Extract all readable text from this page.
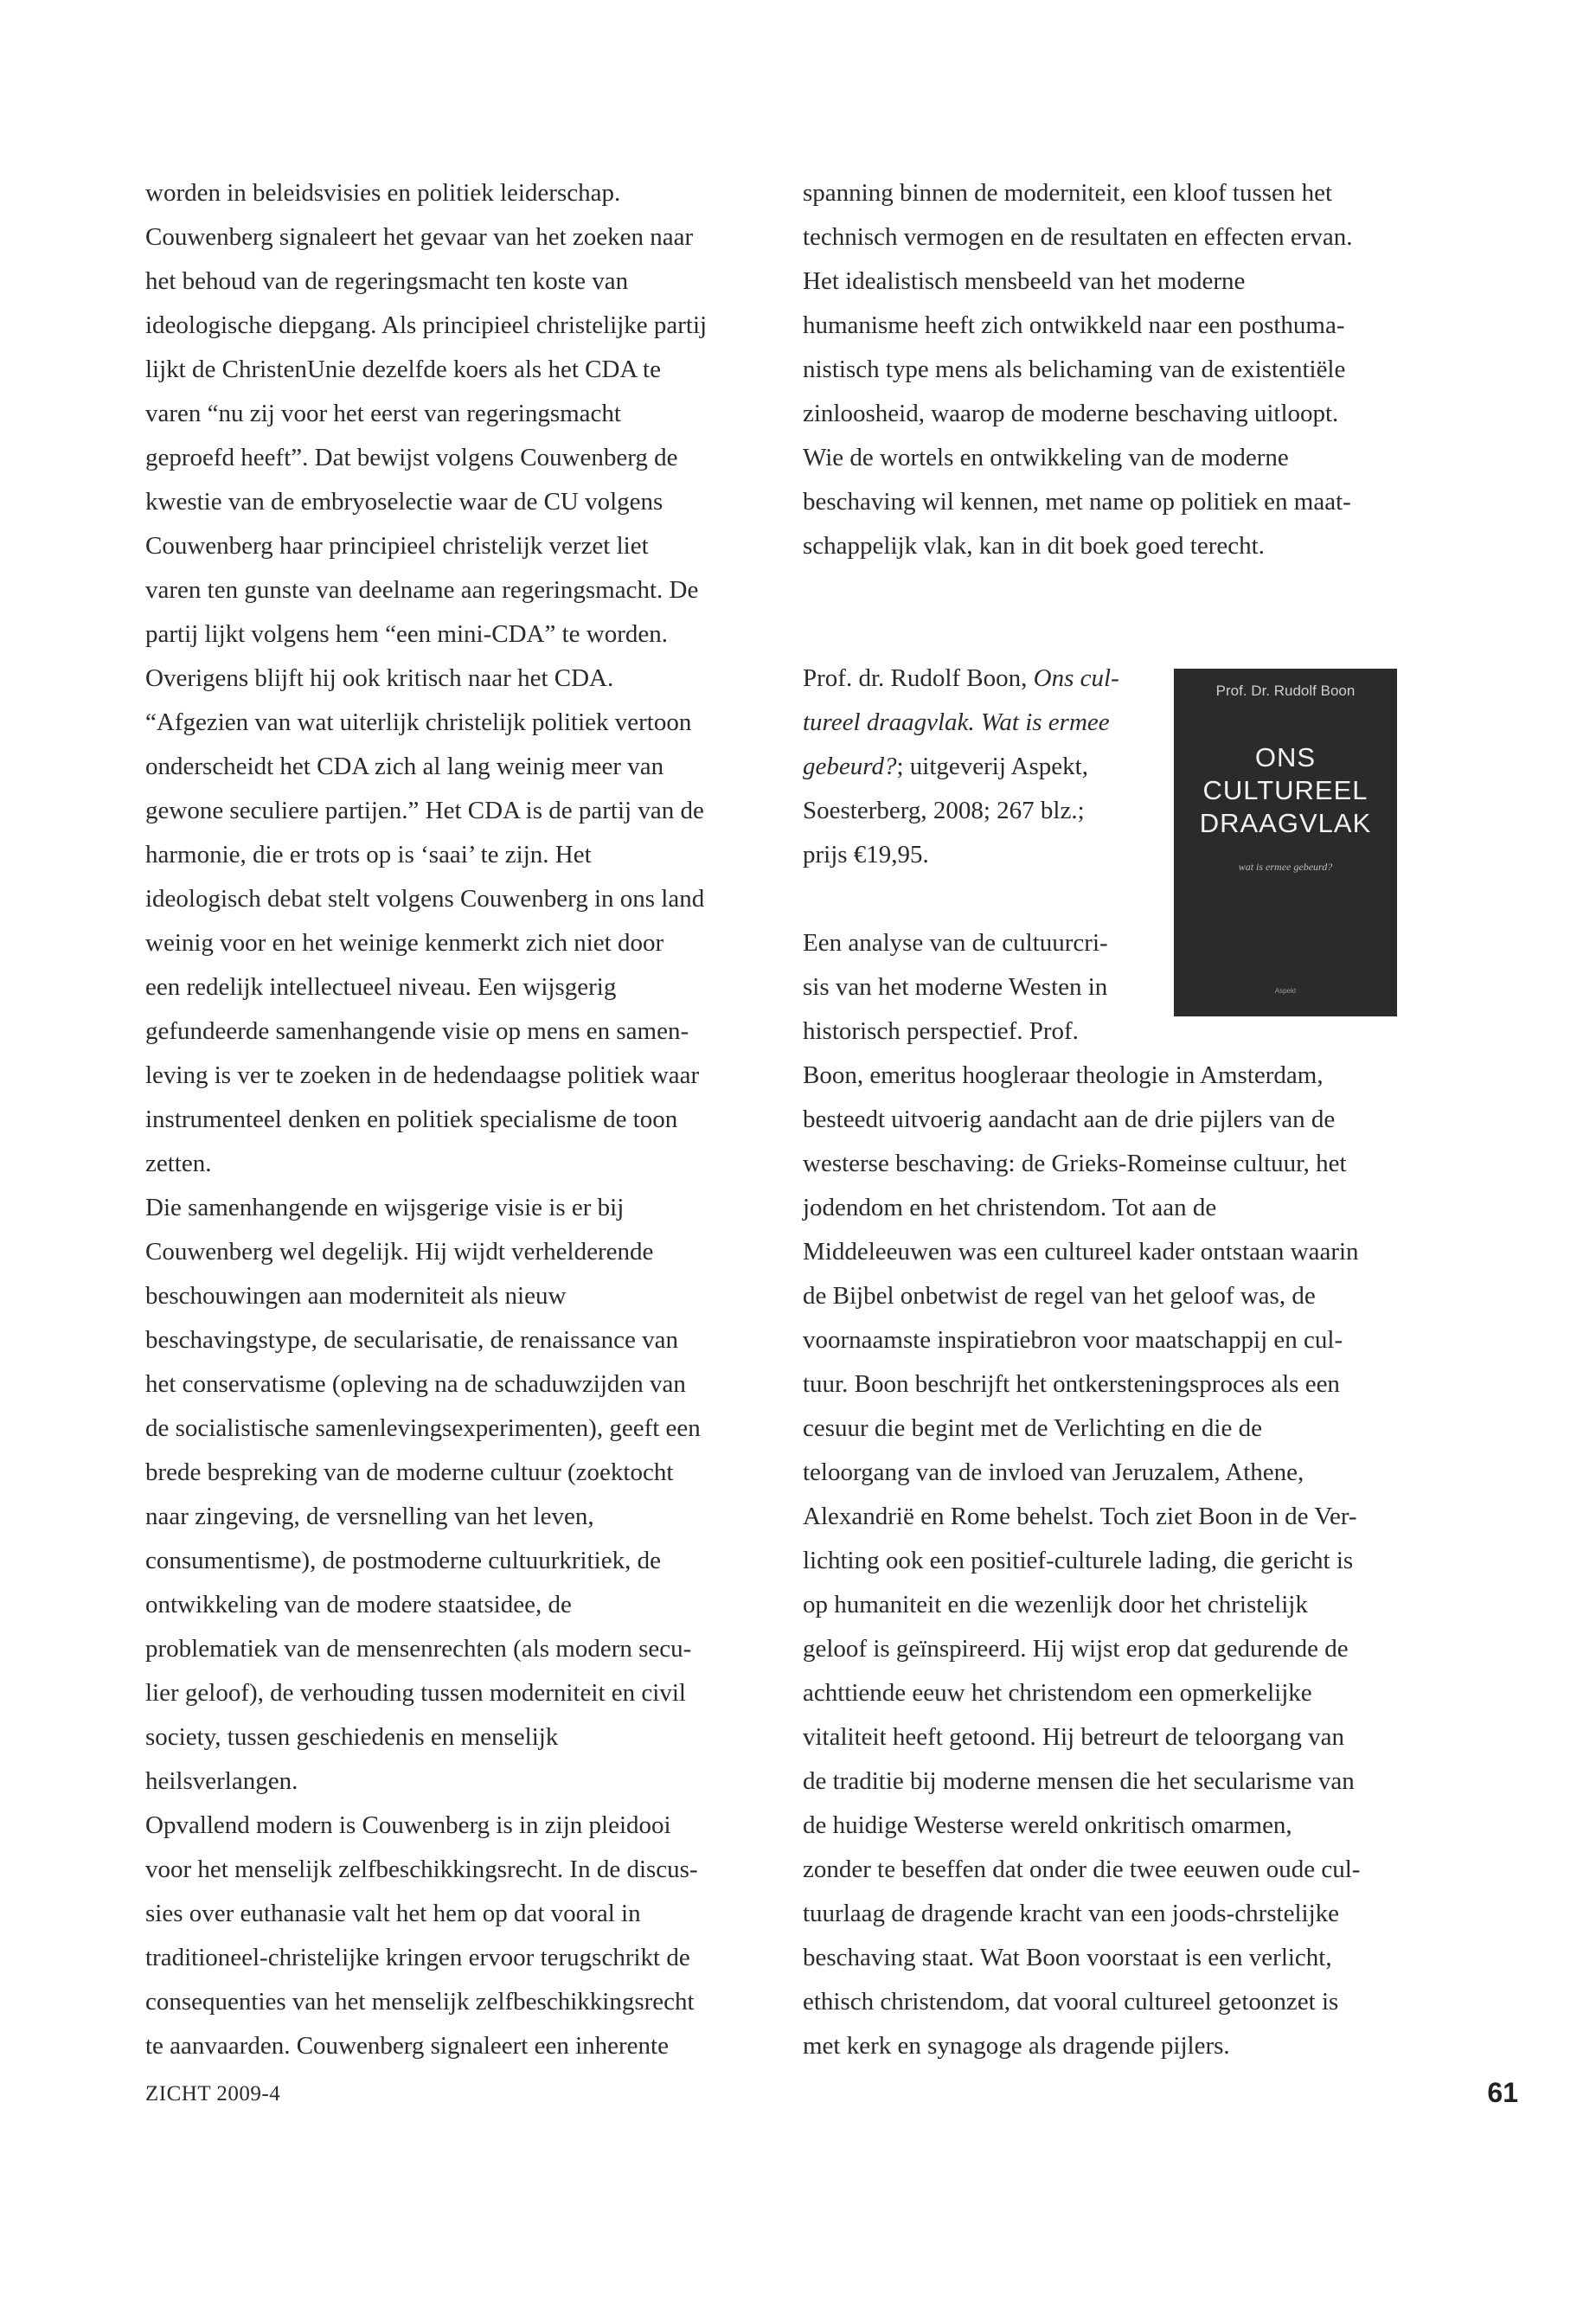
worden in beleidsvisies en politiek leiderschap.
Couwenberg signaleert het gevaar van het zoeken naar
het behoud van de regeringsmacht ten koste van
ideologische diepgang. Als principieel christelijke partij
lijkt de ChristenUnie dezelfde koers als het CDA te
varen “nu zij voor het eerst van regeringsmacht
geproefd heeft”. Dat bewijst volgens Couwenberg de
kwestie van de embryoselectie waar de CU volgens
Couwenberg haar principieel christelijk verzet liet
varen ten gunste van deelname aan regeringsmacht. De
partij lijkt volgens hem “een mini-CDA” te worden.
Overigens blijft hij ook kritisch naar het CDA.
“Afgezien van wat uiterlijk christelijk politiek vertoon
onderscheidt het CDA zich al lang weinig meer van
gewone seculiere partijen.” Het CDA is de partij van de
harmonie, die er trots op is ‘saai’ te zijn. Het
ideologisch debat stelt volgens Couwenberg in ons land
weinig voor en het weinige kenmerkt zich niet door
een redelijk intellectueel niveau. Een wijsgerig
gefundeerde samenhangende visie op mens en samen-
leving is ver te zoeken in de hedendaagse politiek waar
instrumenteel denken en politiek specialisme de toon
zetten.
Die samenhangende en wijsgerige visie is er bij
Couwenberg wel degelijk. Hij wijdt verhelderende
beschouwingen aan moderniteit als nieuw
beschavingstype, de secularisatie, de renaissance van
het conservatisme (opleving na de schaduwzijden van
de socialistische samenlevingsexperimenten), geeft een
brede bespreking van de moderne cultuur (zoektocht
naar zingeving, de versnelling van het leven,
consumentisme), de postmoderne cultuurkritiek, de
ontwikkeling van de modere staatsidee, de
problematiek van de mensenrechten (als modern secu-
lier geloof), de verhouding tussen moderniteit en civil
society, tussen geschiedenis en menselijk
heilsverlangen.
Opvallend modern is Couwenberg is in zijn pleidooi
voor het menselijk zelfbeschikkingsrecht. In de discus-
sies over euthanasie valt het hem op dat vooral in
traditioneel-christelijke kringen ervoor terugschrikt de
consequenties van het menselijk zelfbeschikkingsrecht
te aanvaarden. Couwenberg signaleert een inherente
spanning binnen de moderniteit, een kloof tussen het
technisch vermogen en de resultaten en effecten ervan.
Het idealistisch mensbeeld van het moderne
humanisme heeft zich ontwikkeld naar een posthuma-
nistisch type mens als belichaming van de existentiële
zinloosheid, waarop de moderne beschaving uitloopt.
Wie de wortels en ontwikkeling van de moderne
beschaving wil kennen, met name op politiek en maat-
schappelijk vlak, kan in dit boek goed terecht.
Prof. dr. Rudolf Boon, Ons cul-
tureel draagvlak. Wat is ermee
gebeurd?; uitgeverij Aspekt,
Soesterberg, 2008; 267 blz.;
prijs €19,95.
Een analyse van de cultuurcri-
sis van het moderne Westen in
historisch perspectief. Prof.
Boon, emeritus hoogleraar theologie in Amsterdam,
besteedt uitvoerig aandacht aan de drie pijlers van de
westerse beschaving: de Grieks-Romeinse cultuur, het
jodendom en het christendom. Tot aan de
Middeleeuwen was een cultureel kader ontstaan waarin
de Bijbel onbetwist de regel van het geloof was, de
voornaamste inspiratiebron voor maatschappij en cul-
tuur. Boon beschrijft het ontkersteningsproces als een
cesuur die begint met de Verlichting en die de
teloorgang van de invloed van Jeruzalem, Athene,
Alexandrië en Rome behelst. Toch ziet Boon in de Ver-
lichting ook een positief-culturele lading, die gericht is
op humaniteit en die wezenlijk door het christelijk
geloof is geïnspireerd. Hij wijst erop dat gedurende de
achttiende eeuw het christendom een opmerkelijke
vitaliteit heeft getoond. Hij betreurt de teloorgang van
de traditie bij moderne mensen die het secularisme van
de huidige Westerse wereld onkritisch omarmen,
zonder te beseffen dat onder die twee eeuwen oude cul-
tuurlaag de dragende kracht van een joods-chrstelijke
beschaving staat. Wat Boon voorstaat is een verlicht,
ethisch christendom, dat vooral cultureel getoonzet is
met kerk en synagoge als dragende pijlers.
Prof. Dr. Rudolf Boon
ONS CULTUREEL
DRAAGVLAK
wat is ermee gebeurd?
Aspekt
ZICHT 2009-4	61
